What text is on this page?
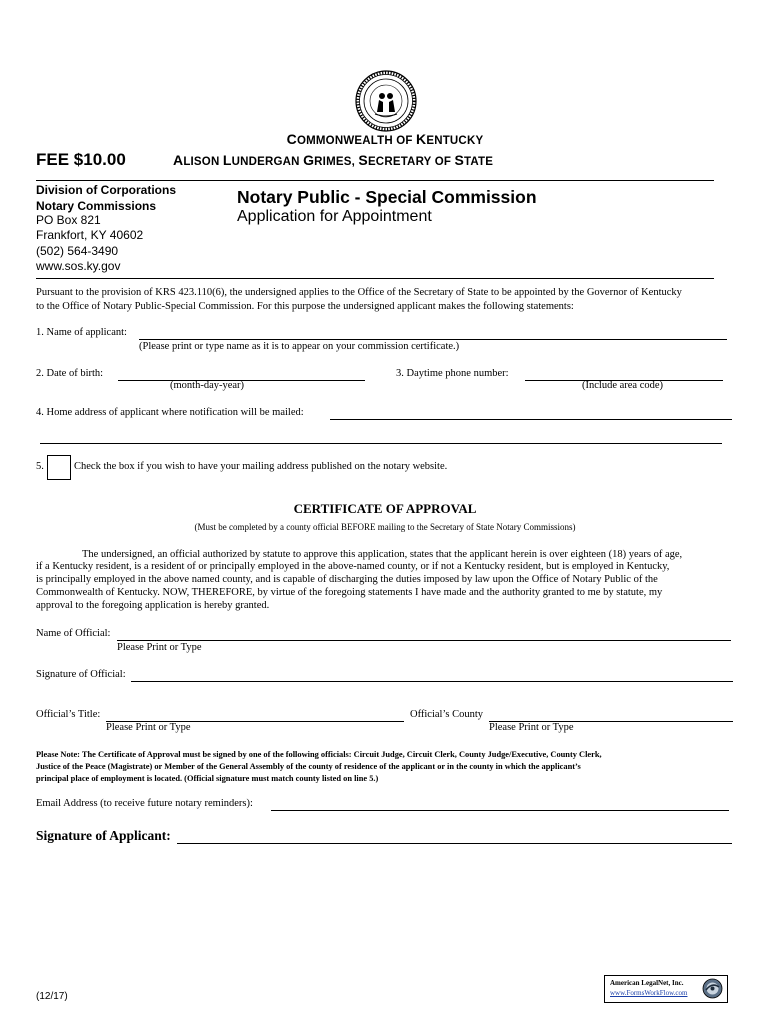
FEE $10.00
COMMONWEALTH OF KENTUCKY
ALISON LUNDERGAN GRIMES, SECRETARY OF STATE
Division of Corporations
Notary Commissions
PO Box 821
Frankfort, KY 40602
(502) 564-3490
www.sos.ky.gov
Notary Public - Special Commission
Application for Appointment
Pursuant to the provision of KRS 423.110(6), the undersigned applies to the Office of the Secretary of State to be appointed by the Governor of Kentucky
to the Office of Notary Public-Special Commission. For this purpose the undersigned applicant makes the following statements:
1. Name of applicant:
(Please print or type name as it is to appear on your commission certificate.)
2. Date of birth:
(month-day-year)
3. Daytime phone number:
(Include area code)
4. Home address of applicant where notification will be mailed:
5.	Check the box if you wish to have your mailing address published on the notary website.
CERTIFICATE OF APPROVAL
(Must be completed by a county official BEFORE mailing to the Secretary of State Notary Commissions)
The undersigned, an official authorized by statute to approve this application, states that the applicant herein is over eighteen (18) years of age,
if a Kentucky resident, is a resident of or principally employed in the above-named county, or if not a Kentucky resident, but is employed in Kentucky,
is principally employed in the above named county, and is capable of discharging the duties imposed by law upon the Office of Notary Public of the
Commonwealth of Kentucky. NOW, THEREFORE, by virtue of the foregoing statements I have made and the authority granted to me by statute, my
approval to the foregoing application is hereby granted.
Name of Official:
Please Print or Type
Signature of Official:
Official’s Title:
Please Print or Type
Official’s County
Please Print or Type
Please Note: The Certificate of Approval must be signed by one of the following officials: Circuit Judge, Circuit Clerk, County Judge/Executive, County Clerk,
Justice of the Peace (Magistrate) or Member of the General Assembly of the county of residence of the applicant or in the county in which the applicant’s
principal place of employment is located. (Official signature must match county listed on line 5.)
Email Address (to receive future notary reminders):
Signature of Applicant:
(12/17)
American LegalNet, Inc.
www.FormsWorkFlow.com
